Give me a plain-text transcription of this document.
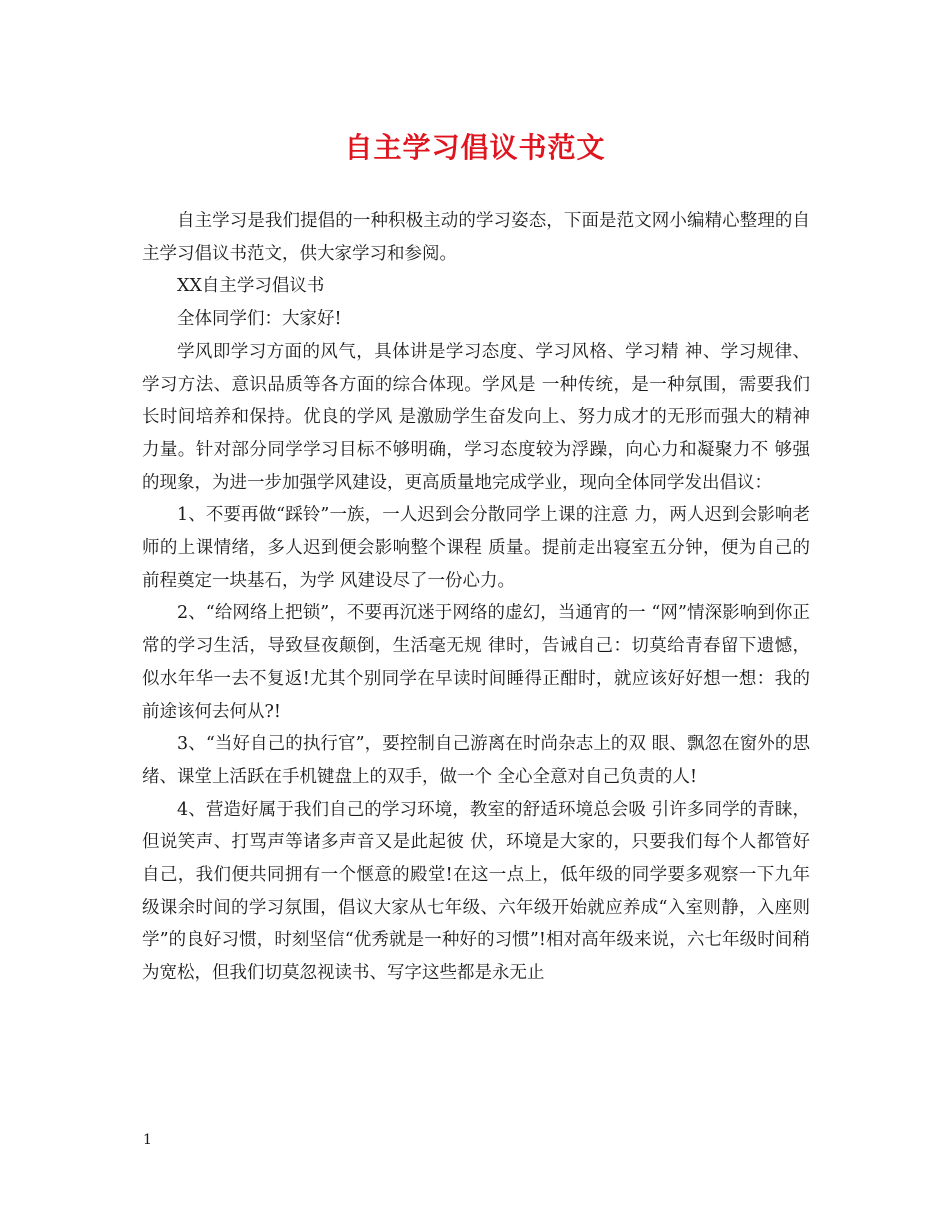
自主学习倡议书范文

自主学习是我们提倡的一种积极主动的学习姿态，下面是范文网小编精心整理的自主学习倡议书范文，供大家学习和参阅。

XX自主学习倡议书

全体同学们：大家好!

学风即学习方面的风气，具体讲是学习态度、学习风格、学习精 神、学习规律、学习方法、意识品质等各方面的综合体现。学风是 一种传统，是一种氛围，需要我们长时间培养和保持。优良的学风 是激励学生奋发向上、努力成才的无形而强大的精神力量。针对部分同学学习目标不够明确，学习态度较为浮躁，向心力和凝聚力不 够强的现象，为进一步加强学风建设，更高质量地完成学业，现向全体同学发出倡议：

1、不要再做“踩铃”一族，一人迟到会分散同学上课的注意 力，两人迟到会影响老师的上课情绪，多人迟到便会影响整个课程 质量。提前走出寝室五分钟，便为自己的前程奠定一块基石，为学 风建设尽了一份心力。

2、“给网络上把锁”，不要再沉迷于网络的虚幻，当通宵的一 “网”情深影响到你正常的学习生活，导致昼夜颠倒，生活毫无规 律时，告诫自己：切莫给青春留下遗憾，似水年华一去不复返!尤其个别同学在早读时间睡得正酣时，就应该好好想一想：我的前途该何去何从?!

3、“当好自己的执行官”，要控制自己游离在时尚杂志上的双 眼、飘忽在窗外的思绪、课堂上活跃在手机键盘上的双手，做一个 全心全意对自己负责的人!

4、营造好属于我们自己的学习环境，教室的舒适环境总会吸 引许多同学的青睐，但说笑声、打骂声等诸多声音又是此起彼 伏，环境是大家的，只要我们每个人都管好自己，我们便共同拥有一个惬意的殿堂!在这一点上，低年级的同学要多观察一下九年级课余时间的学习氛围，倡议大家从七年级、六年级开始就应养成“入室则静，入座则学”的良好习惯，时刻坚信“优秀就是一种好的习惯”!相对高年级来说，六七年级时间稍为宽松，但我们切莫忽视读书、写字这些都是永无止

1
